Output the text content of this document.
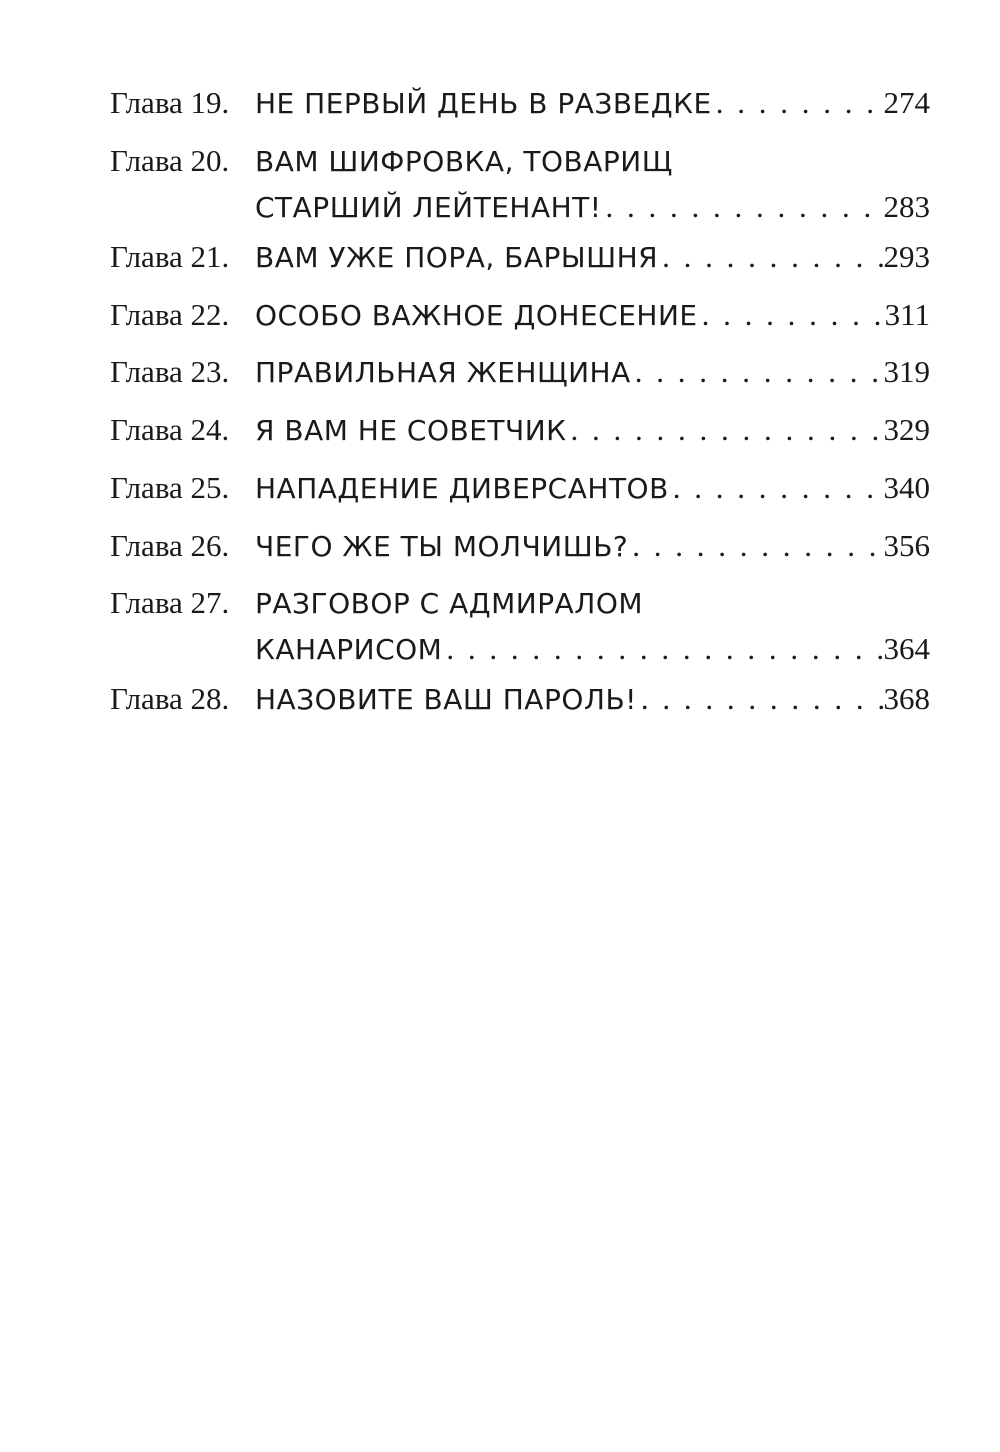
Глава 19. НЕ ПЕРВЫЙ ДЕНЬ В РАЗВЕДКЕ . . .	274
Глава 20. ВАМ ШИФРОВКА, ТОВАРИЩ
СТАРШИЙ ЛЕЙТЕНАНТ! . . .	283
Глава 21. ВАМ УЖЕ ПОРА, БАРЫШНЯ . . .	293
Глава 22. ОСОБО ВАЖНОЕ ДОНЕСЕНИЕ . . .	311
Глава 23. ПРАВИЛЬНАЯ ЖЕНЩИНА . . .	319
Глава 24. Я ВАМ НЕ СОВЕТЧИК . . .	329
Глава 25. НАПАДЕНИЕ ДИВЕРСАНТОВ . . .	340
Глава 26. ЧЕГО ЖЕ ТЫ МОЛЧИШЬ? . . .	356
Глава 27. РАЗГОВОР С АДМИРАЛОМ
КАНАРИСОМ . . .	364
Глава 28. НАЗОВИТЕ ВАШ ПАРОЛЬ! . . .	368
